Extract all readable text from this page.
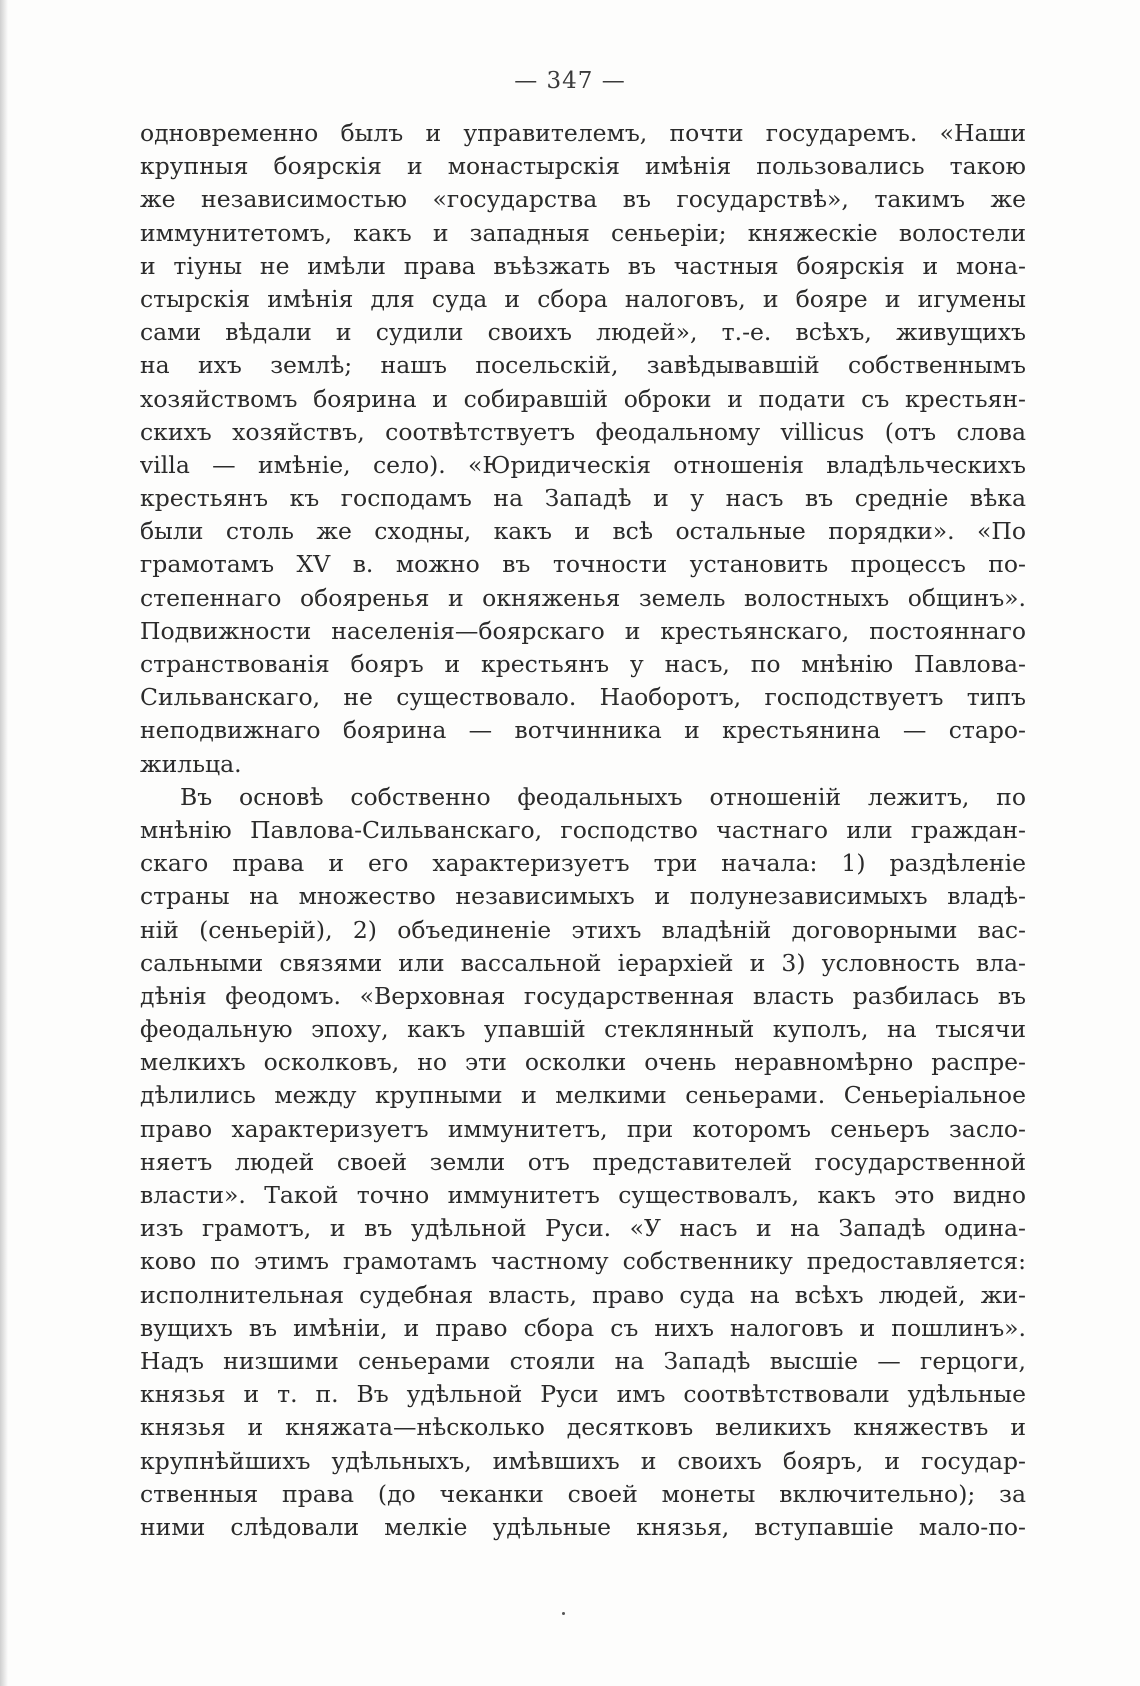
— 347 —
одновременно былъ и управителемъ, почти государемъ. «Наши
крупныя боярскія и монастырскія имѣнія пользовались такою
же независимостью «государства въ государствѣ», такимъ же
иммунитетомъ, какъ и западныя сеньеріи; княжескіе волостели
и тіуны не имѣли права въѣзжать въ частныя боярскія и мона-
стырскія имѣнія для суда и сбора налоговъ, и бояре и игумены
сами вѣдали и судили своихъ людей», т.-е. всѣхъ, живущихъ
на ихъ землѣ; нашъ посельскій, завѣдывавшій собственнымъ
хозяйствомъ боярина и собиравшій оброки и подати съ крестьян-
скихъ хозяйствъ, соотвѣтствуетъ феодальному villicus (отъ слова
villa — имѣніе, село). «Юридическія отношенія владѣльческихъ
крестьянъ къ господамъ на Западѣ и у насъ въ средніе вѣка
были столь же сходны, какъ и всѣ остальные порядки». «По
грамотамъ XV в. можно въ точности установить процессъ по-
степеннаго обояренья и окняженья земель волостныхъ общинъ».
Подвижности населенія—боярскаго и крестьянскаго, постояннаго
странствованія бояръ и крестьянъ у насъ, по мнѣнію Павлова-
Сильванскаго, не существовало. Наоборотъ, господствуетъ типъ
неподвижнаго боярина — вотчинника и крестьянина — старо-
жильца.
Въ основѣ собственно феодальныхъ отношеній лежитъ, по
мнѣнію Павлова-Сильванскаго, господство частнаго или граждан-
скаго права и его характеризуетъ три начала: 1) раздѣленіе
страны на множество независимыхъ и полунезависимыхъ владѣ-
ній (сеньерій), 2) объединеніе этихъ владѣній договорными вас-
сальными связями или вассальной іерархіей и 3) условность вла-
дѣнія феодомъ. «Верховная государственная власть разбилась въ
феодальную эпоху, какъ упавшій стеклянный куполъ, на тысячи
мелкихъ осколковъ, но эти осколки очень неравномѣрно распре-
дѣлились между крупными и мелкими сеньерами. Сеньеріальное
право характеризуетъ иммунитетъ, при которомъ сеньеръ засло-
няетъ людей своей земли отъ представителей государственной
власти». Такой точно иммунитетъ существовалъ, какъ это видно
изъ грамотъ, и въ удѣльной Руси. «У насъ и на Западѣ одина-
ково по этимъ грамотамъ частному собственнику предоставляется:
исполнительная судебная власть, право суда на всѣхъ людей, жи-
вущихъ въ имѣніи, и право сбора съ нихъ налоговъ и пошлинъ».
Надъ низшими сеньерами стояли на Западѣ высшіе — герцоги,
князья и т. п. Въ удѣльной Руси имъ соотвѣтствовали удѣльные
князья и княжата—нѣсколько десятковъ великихъ княжествъ и
крупнѣйшихъ удѣльныхъ, имѣвшихъ и своихъ бояръ, и государ-
ственныя права (до чеканки своей монеты включительно); за
ними слѣдовали мелкіе удѣльные князья, вступавшіе мало-по-
